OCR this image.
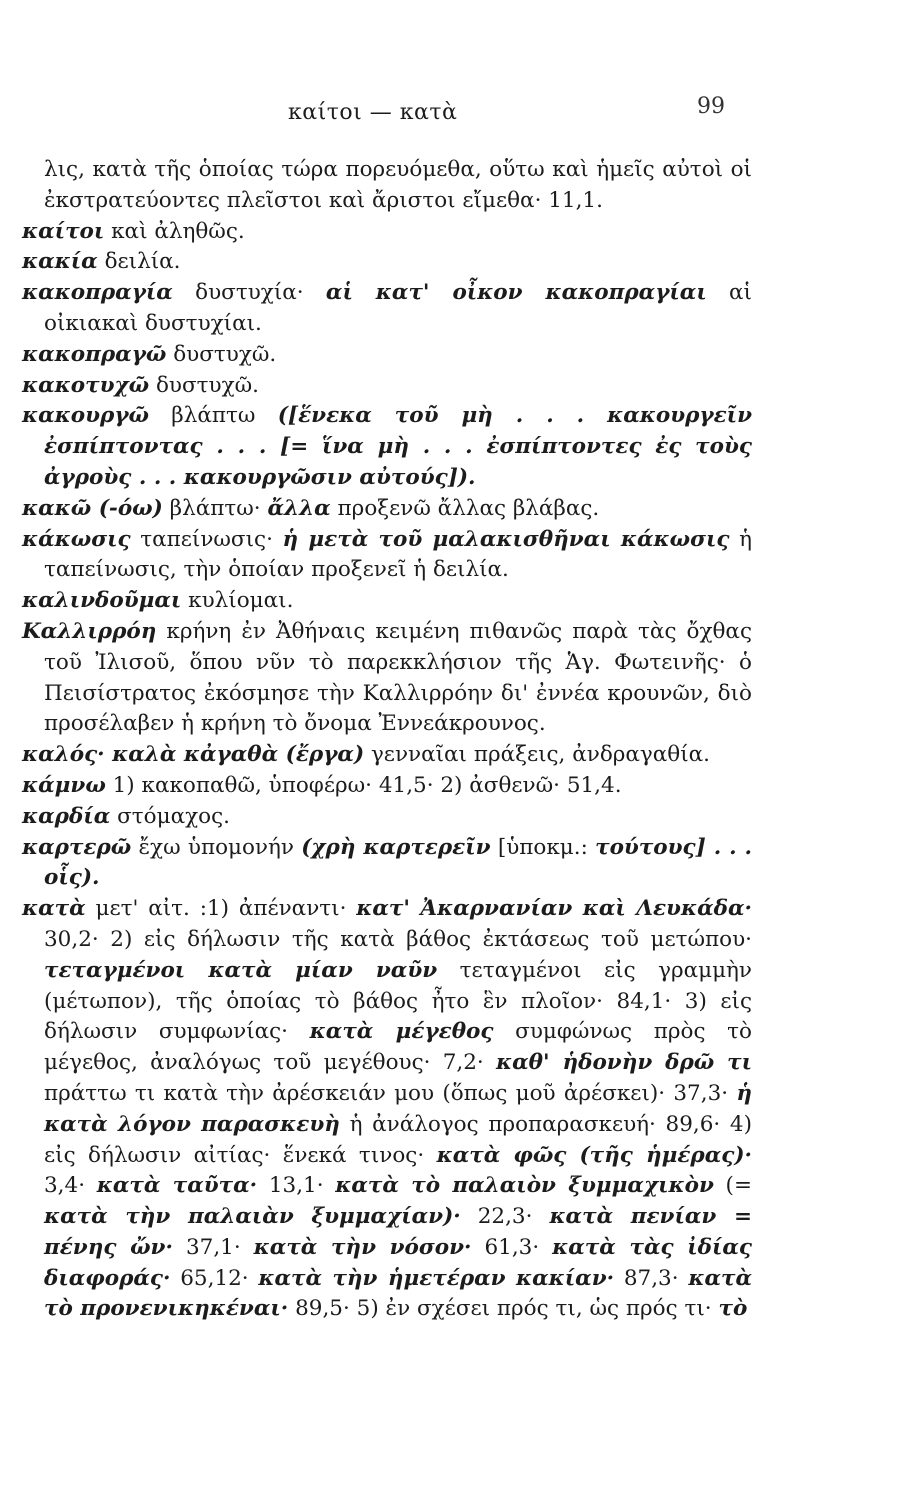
καίτοι — κατὰ	99

λις, κατὰ τῆς ὁποίας τώρα πορευόμεθα, οὕτω καὶ ἡμεῖς αὐτοὶ οἱ ἐκστρατεύοντες πλεῖστοι καὶ ἄριστοι εἴμεθα· 11,1.

καίτοι καὶ ἀληθῶς.

κακία δειλία.

κακοπραγία δυστυχία· αἱ κατ' οἶκον κακοπραγίαι αἱ οἰκιακαὶ δυστυχίαι.

κακοπραγῶ δυστυχῶ.

κακοτυχῶ δυστυχῶ.

κακουργῶ βλάπτω ([ἕνεκα τοῦ μὴ . . . κακουργεῖν ἐσπίπτοντας . . . [= ἵνα μὴ . . . ἐσπίπτοντες ἐς τοὺς ἀγροὺς . . . κακουργῶσιν αὐτούς]).

κακῶ (-όω) βλάπτω· ἄλλα προξενῶ ἄλλας βλάβας.

κάκωσις ταπείνωσις· ἡ μετὰ τοῦ μαλακισθῆναι κάκωσις ἡ ταπείνωσις, τὴν ὁποίαν προξενεῖ ἡ δειλία.

καλινδοῦμαι κυλίομαι.

Καλλιρρόη κρήνη ἐν Ἀθήναις κειμένη πιθανῶς παρὰ τὰς ὄχθας τοῦ Ἰλισοῦ, ὅπου νῦν τὸ παρεκκλήσιον τῆς Ἁγ. Φωτεινῆς· ὁ Πεισίστρατος ἐκόσμησε τὴν Καλλιρρόην δι' ἐννέα κρουνῶν, διὸ προσέλαβεν ἡ κρήνη τὸ ὄνομα Ἐννεάκρουνος.

καλός· καλὰ κἀγαθὰ (ἔργα) γενναῖαι πράξεις, ἀνδραγαθία.

κάμνω 1) κακοπαθῶ, ὑποφέρω· 41,5· 2) ἀσθενῶ· 51,4.

καρδία στόμαχος.

καρτερῶ ἔχω ὑπομονήν (χρὴ καρτερεῖν [ὑποκμ.: τούτους] . . . οἷς).

κατὰ μετ' αἰτ. :1) ἀπέναντι· κατ' Ἀκαρνανίαν καὶ Λευκάδα· 30,2· 2) εἰς δήλωσιν τῆς κατὰ βάθος ἐκτάσεως τοῦ μετώπου· τεταγμένοι κατὰ μίαν ναῦν τεταγμένοι εἰς γραμμὴν (μέτωπον), τῆς ὁποίας τὸ βάθος ἦτο ἓν πλοῖον· 84,1· 3) εἰς δήλωσιν συμφωνίας· κατὰ μέγεθος συμφώνως πρὸς τὸ μέγεθος, ἀναλόγως τοῦ μεγέθους· 7,2· καθ' ἡδονὴν δρῶ τι πράττω τι κατὰ τὴν ἀρέσκειάν μου (ὅπως μοῦ ἀρέσκει)· 37,3· ἡ κατὰ λόγον παρασκευὴ ἡ ἀνάλογος προπαρασκευή· 89,6· 4) εἰς δήλωσιν αἰτίας· ἕνεκά τινος· κατὰ φῶς (τῆς ἡμέρας)· 3,4· κατὰ ταῦτα· 13,1· κατὰ τὸ παλαιὸν ξυμμαχικὸν (= κατὰ τὴν παλαιὰν ξυμμαχίαν)· 22,3· κατὰ πενίαν = πένης ὤν· 37,1· κατὰ τὴν νόσον· 61,3· κατὰ τὰς ἰδίας διαφοράς· 65,12· κατὰ τὴν ἡμετέραν κακίαν· 87,3· κατὰ τὸ προνενικηκέναι· 89,5· 5) ἐν σχέσει πρός τι, ὡς πρός τι· τὸ
